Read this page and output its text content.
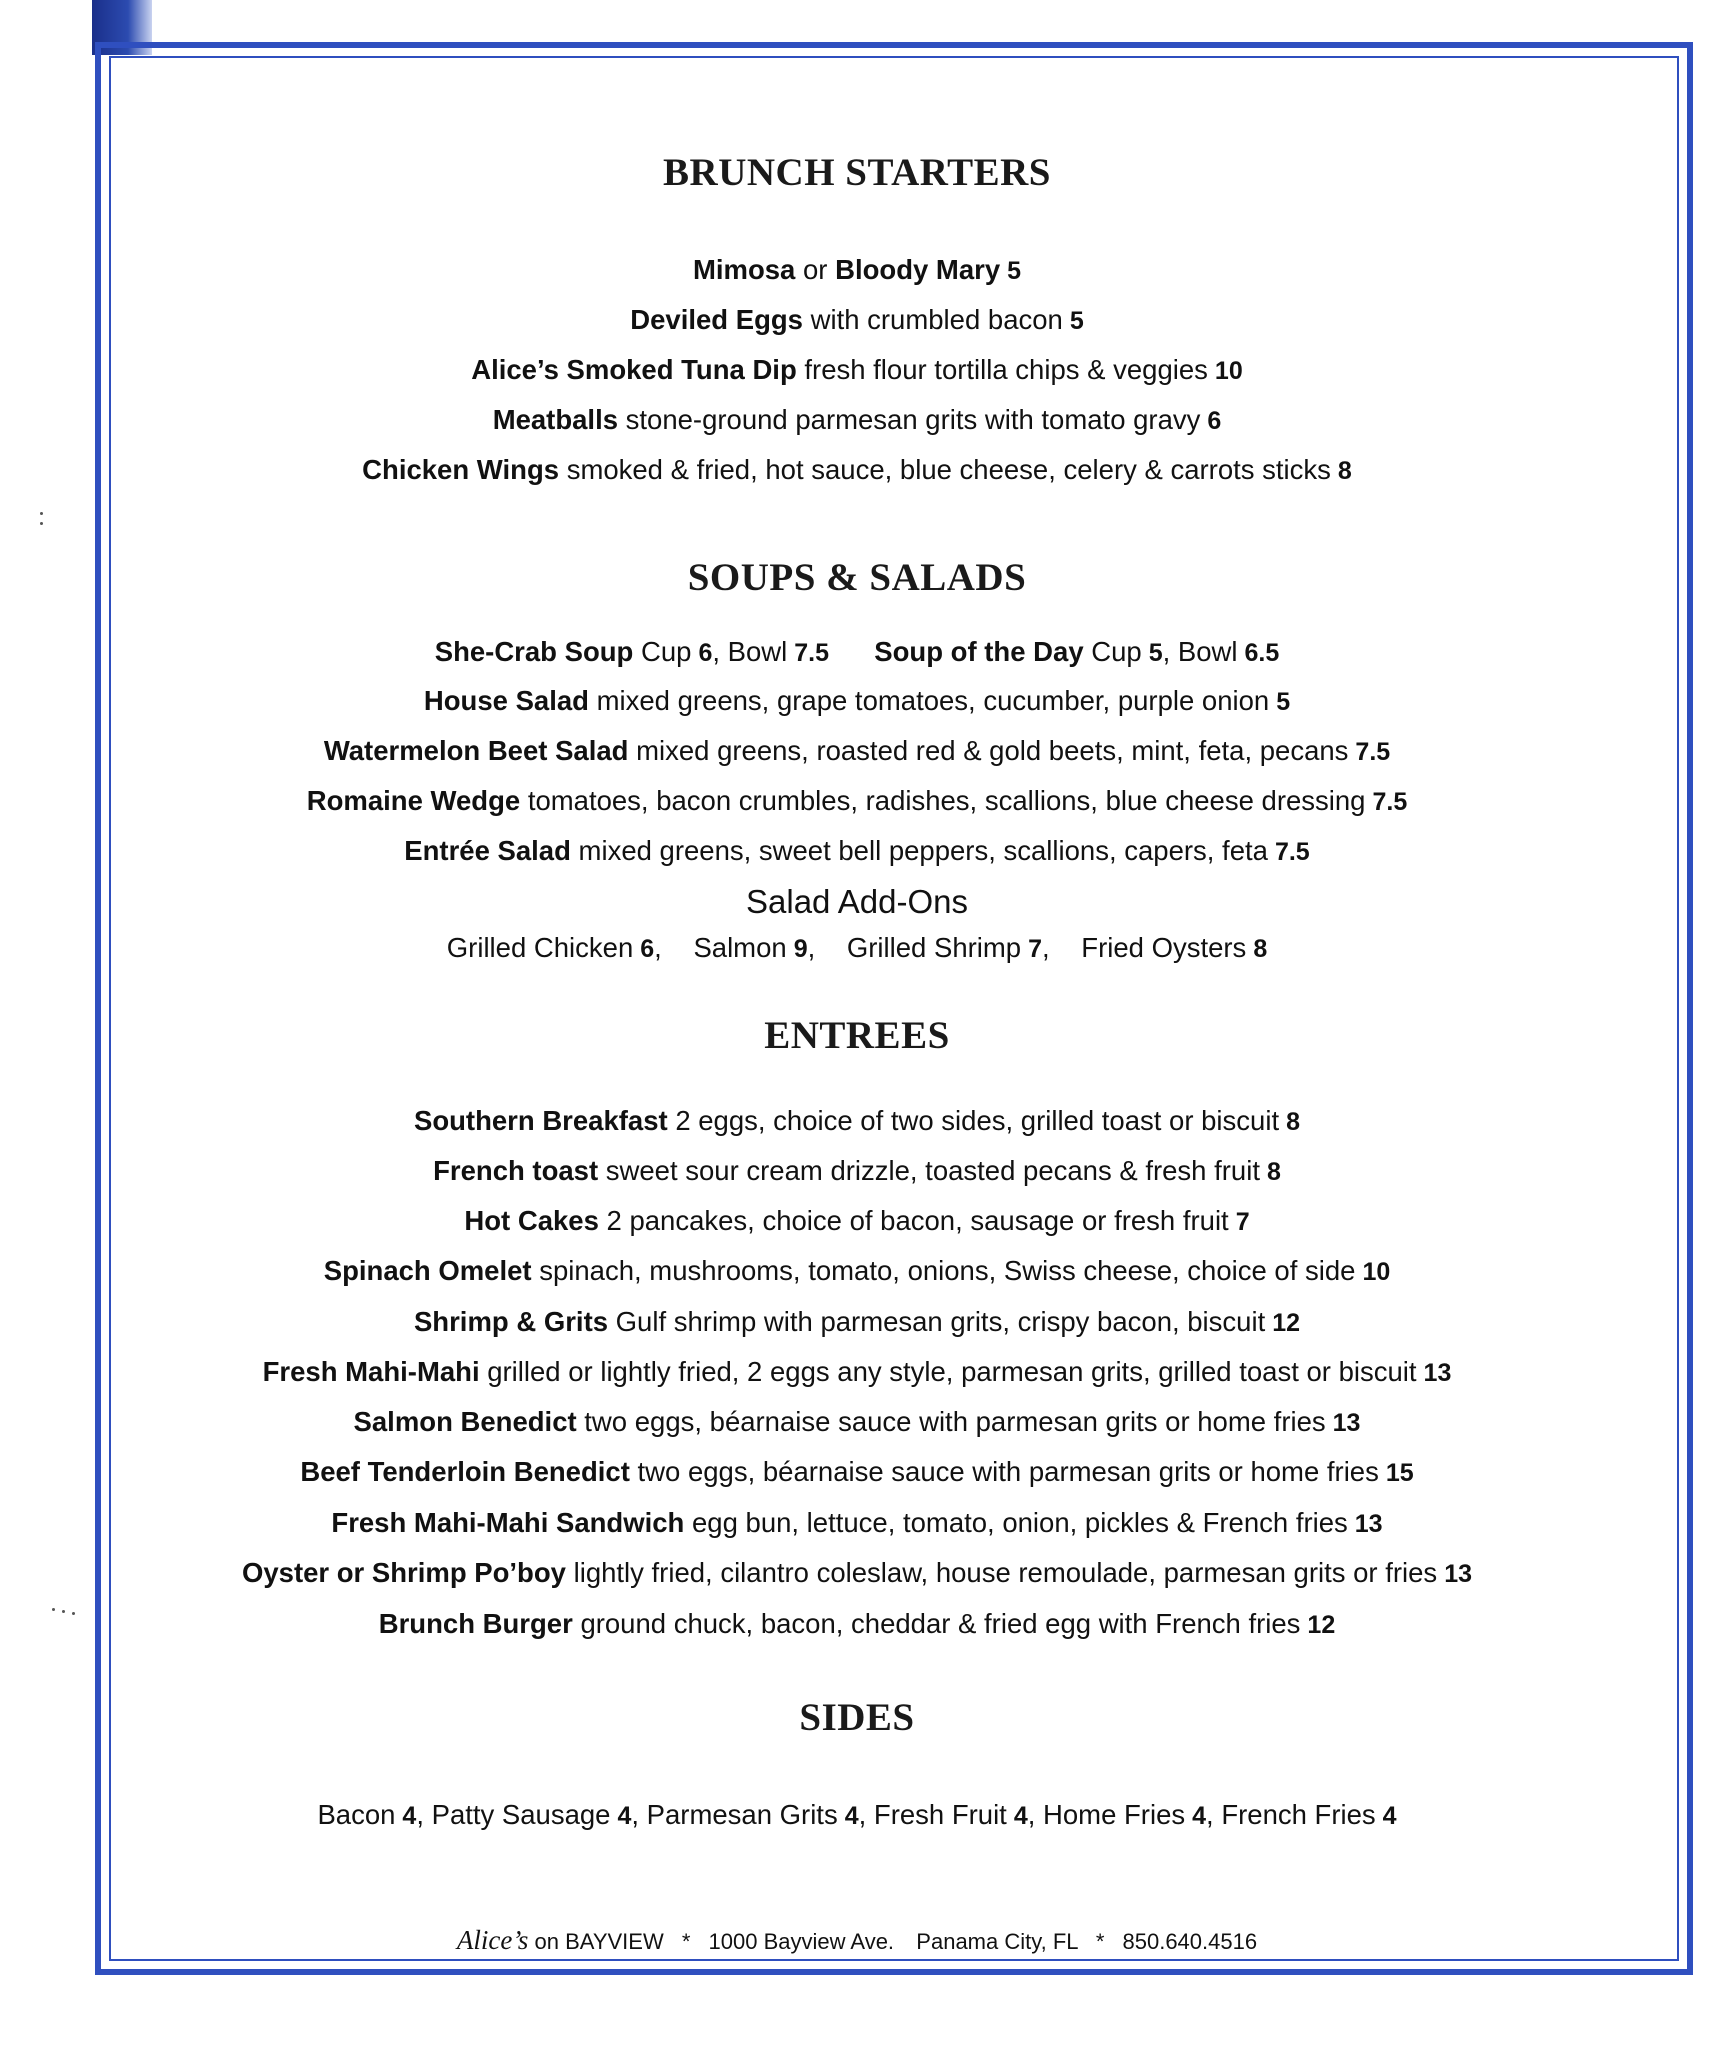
BRUNCH STARTERS
Mimosa or Bloody Mary 5
Deviled Eggs with crumbled bacon 5
Alice’s Smoked Tuna Dip fresh flour tortilla chips & veggies 10
Meatballs stone-ground parmesan grits with tomato gravy 6
Chicken Wings smoked & fried, hot sauce, blue cheese, celery & carrots sticks 8
SOUPS & SALADS
She-Crab Soup Cup 6, Bowl 7.5 Soup of the Day Cup 5, Bowl 6.5
House Salad mixed greens, grape tomatoes, cucumber, purple onion 5
Watermelon Beet Salad mixed greens, roasted red & gold beets, mint, feta, pecans 7.5
Romaine Wedge tomatoes, bacon crumbles, radishes, scallions, blue cheese dressing 7.5
Entrée Salad mixed greens, sweet bell peppers, scallions, capers, feta 7.5
Salad Add-Ons
Grilled Chicken 6, Salmon 9, Grilled Shrimp 7, Fried Oysters 8
ENTREES
Southern Breakfast 2 eggs, choice of two sides, grilled toast or biscuit 8
French toast sweet sour cream drizzle, toasted pecans & fresh fruit 8
Hot Cakes 2 pancakes, choice of bacon, sausage or fresh fruit 7
Spinach Omelet spinach, mushrooms, tomato, onions, Swiss cheese, choice of side 10
Shrimp & Grits Gulf shrimp with parmesan grits, crispy bacon, biscuit 12
Fresh Mahi-Mahi grilled or lightly fried, 2 eggs any style, parmesan grits, grilled toast or biscuit 13
Salmon Benedict two eggs, béarnaise sauce with parmesan grits or home fries 13
Beef Tenderloin Benedict two eggs, béarnaise sauce with parmesan grits or home fries 15
Fresh Mahi-Mahi Sandwich egg bun, lettuce, tomato, onion, pickles & French fries 13
Oyster or Shrimp Po’boy lightly fried, cilantro coleslaw, house remoulade, parmesan grits or fries 13
Brunch Burger ground chuck, bacon, cheddar & fried egg with French fries 12
SIDES
Bacon 4, Patty Sausage 4, Parmesan Grits 4, Fresh Fruit 4, Home Fries 4, French Fries 4
Alice’s on BAYVIEW * 1000 Bayview Ave. Panama City, FL * 850.640.4516
